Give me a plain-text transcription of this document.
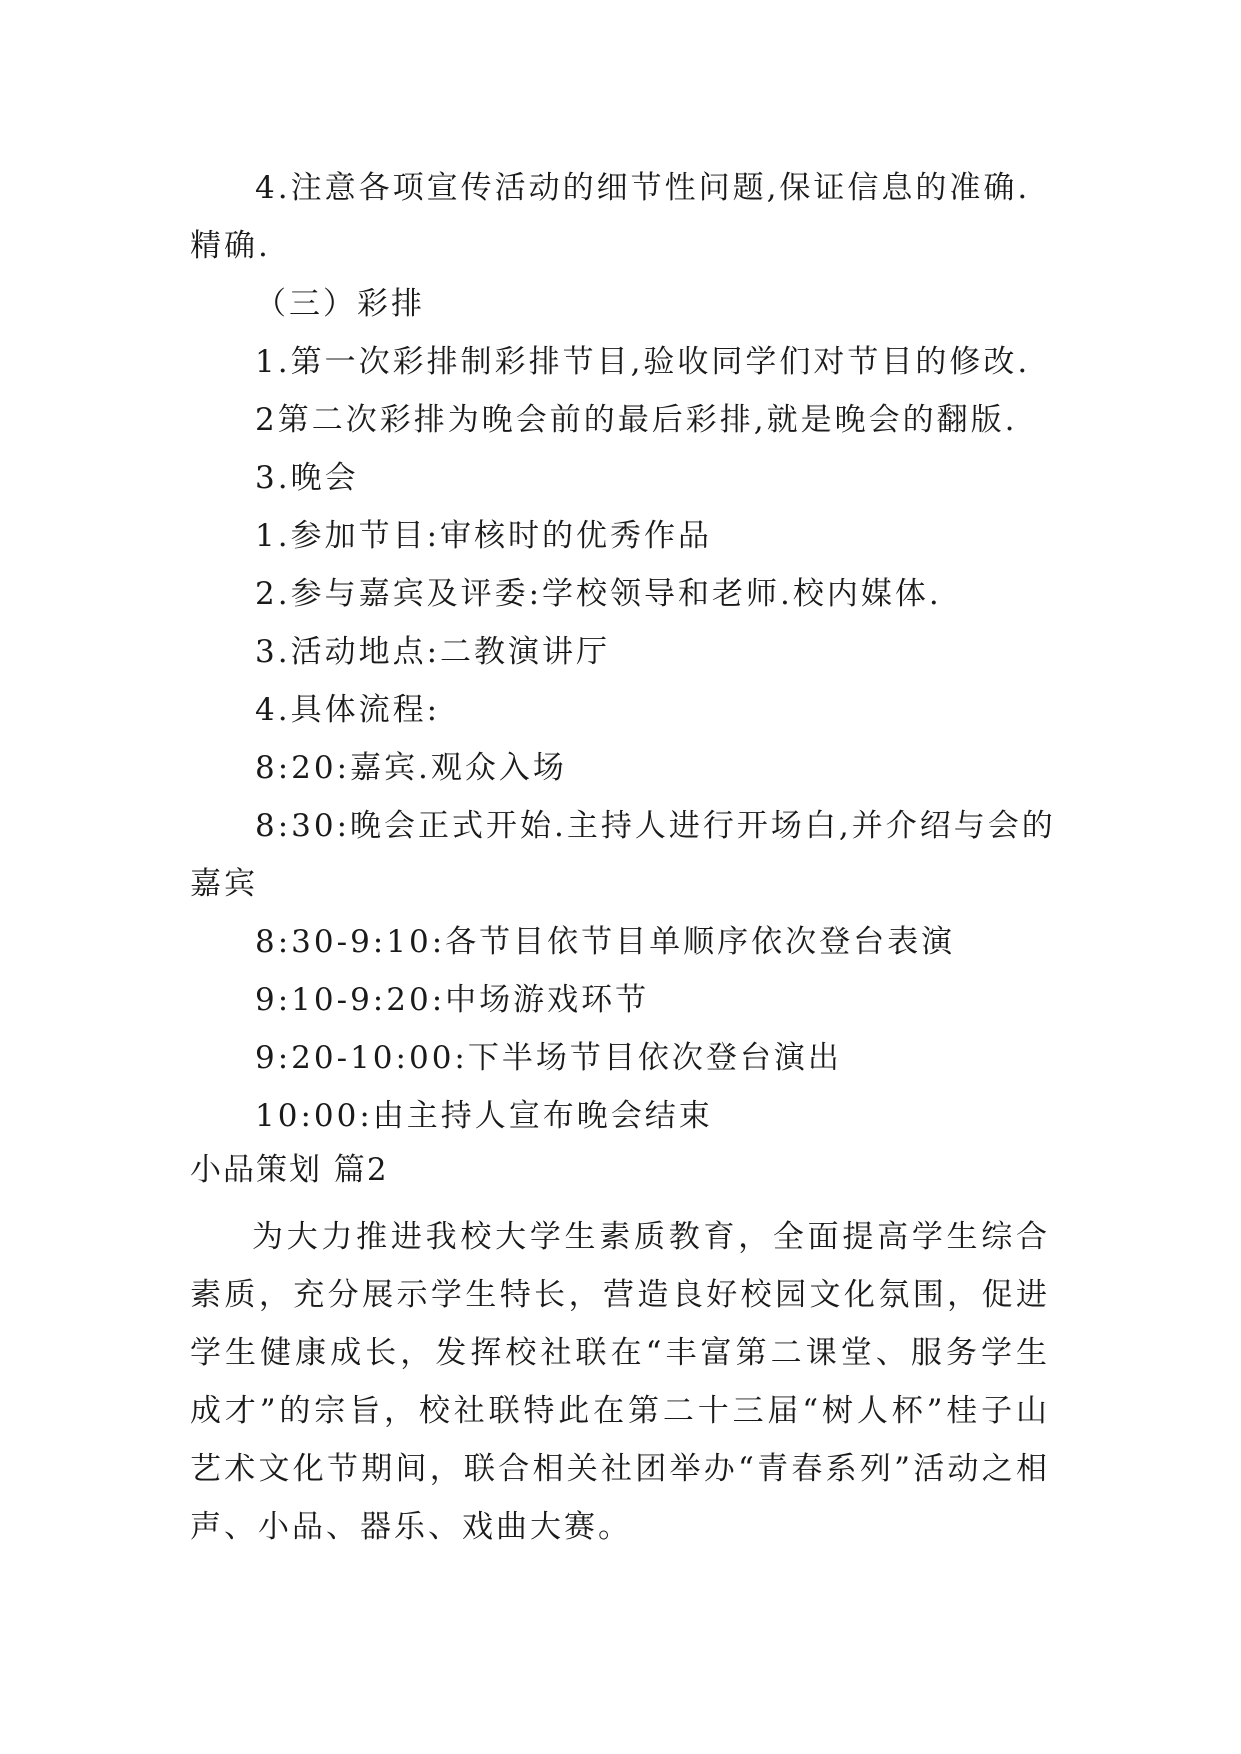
4.注意各项宣传活动的细节性问题,保证信息的准确.

精确.

（三）彩排

1.第一次彩排制彩排节目,验收同学们对节目的修改.

2第二次彩排为晚会前的最后彩排,就是晚会的翻版.

3.晚会

1.参加节目:审核时的优秀作品

2.参与嘉宾及评委:学校领导和老师.校内媒体.

3.活动地点:二教演讲厅

4.具体流程:

8:20:嘉宾.观众入场

8:30:晚会正式开始.主持人进行开场白,并介绍与会的

嘉宾

8:30-9:10:各节目依节目单顺序依次登台表演

9:10-9:20:中场游戏环节

9:20-10:00:下半场节目依次登台演出

10:00:由主持人宣布晚会结束

小品策划 篇2

为大力推进我校大学生素质教育，全面提高学生综合素质，充分展示学生特长，营造良好校园文化氛围，促进学生健康成长，发挥校社联在“丰富第二课堂、服务学生成才”的宗旨，校社联特此在第二十三届“树人杯”桂子山艺术文化节期间，联合相关社团举办“青春系列”活动之相声、小品、器乐、戏曲大赛。
